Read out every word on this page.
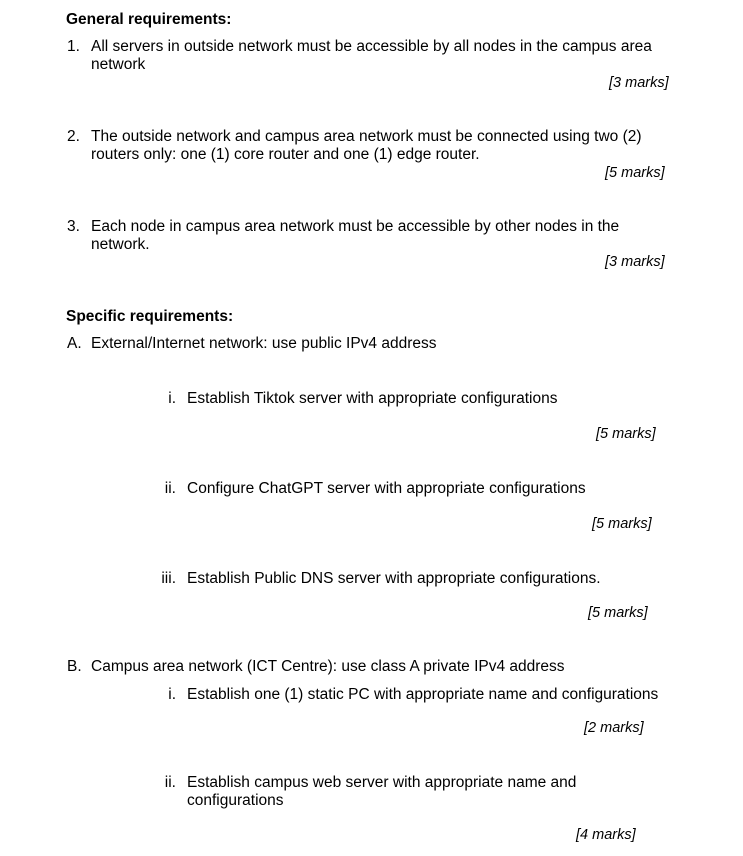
General requirements:
1. All servers in outside network must be accessible by all nodes in the campus area
network
[3 marks]
2. The outside network and campus area network must be connected using two (2)
routers only: one (1) core router and one (1) edge router.
[5 marks]
3. Each node in campus area network must be accessible by other nodes in the
network.
[3 marks]
Specific requirements:
A. External/Internet network: use public IPv4 address
i. Establish Tiktok server with appropriate configurations
[5 marks]
ii. Configure ChatGPT server with appropriate configurations
[5 marks]
iii. Establish Public DNS server with appropriate configurations.
[5 marks]
B. Campus area network (ICT Centre): use class A private IPv4 address
i. Establish one (1) static PC with appropriate name and configurations
[2 marks]
ii. Establish campus web server with appropriate name and
configurations
[4 marks]
